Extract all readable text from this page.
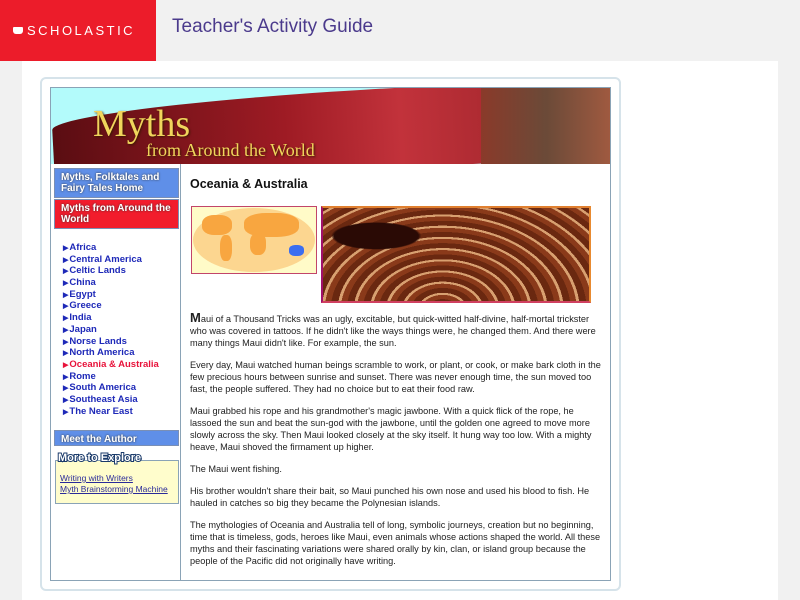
SCHOLASTIC Teacher's Activity Guide
Myths
from Around the World
Myths, Folktales and Fairy Tales Home
Myths from Around the World
▶Africa
▶Central America
▶Celtic Lands
▶China
▶Egypt
▶Greece
▶India
▶Japan
▶Norse Lands
▶North America
▶Oceania & Australia
▶Rome
▶South America
▶Southeast Asia
▶The Near East
Meet the Author
More to Explore
Writing with Writers
Myth Brainstorming Machine
Oceania & Australia

Maui of a Thousand Tricks was an ugly, excitable, but quick-witted half-divine, half-mortal trickster who was covered in tattoos. If he didn't like the ways things were, he changed them. And there were many things Maui didn't like. For example, the sun.

Every day, Maui watched human beings scramble to work, or plant, or cook, or make bark cloth in the few precious hours between sunrise and sunset. There was never enough time, the sun moved too fast, the people suffered. They had no choice but to eat their food raw.

Maui grabbed his rope and his grandmother's magic jawbone. With a quick flick of the rope, he lassoed the sun and beat the sun-god with the jawbone, until the golden one agreed to move more slowly across the sky. Then Maui looked closely at the sky itself. It hung way too low. With a mighty heave, Maui shoved the firmament up higher.

The Maui went fishing.

His brother wouldn't share their bait, so Maui punched his own nose and used his blood to fish. He hauled in catches so big they became the Polynesian islands.

The mythologies of Oceania and Australia tell of long, symbolic journeys, creation but no beginning, time that is timeless, gods, heroes like Maui, even animals whose actions shaped the world. All these myths and their fascinating variations were shared orally by kin, clan, or island group because the people of the Pacific did not originally have writing.
